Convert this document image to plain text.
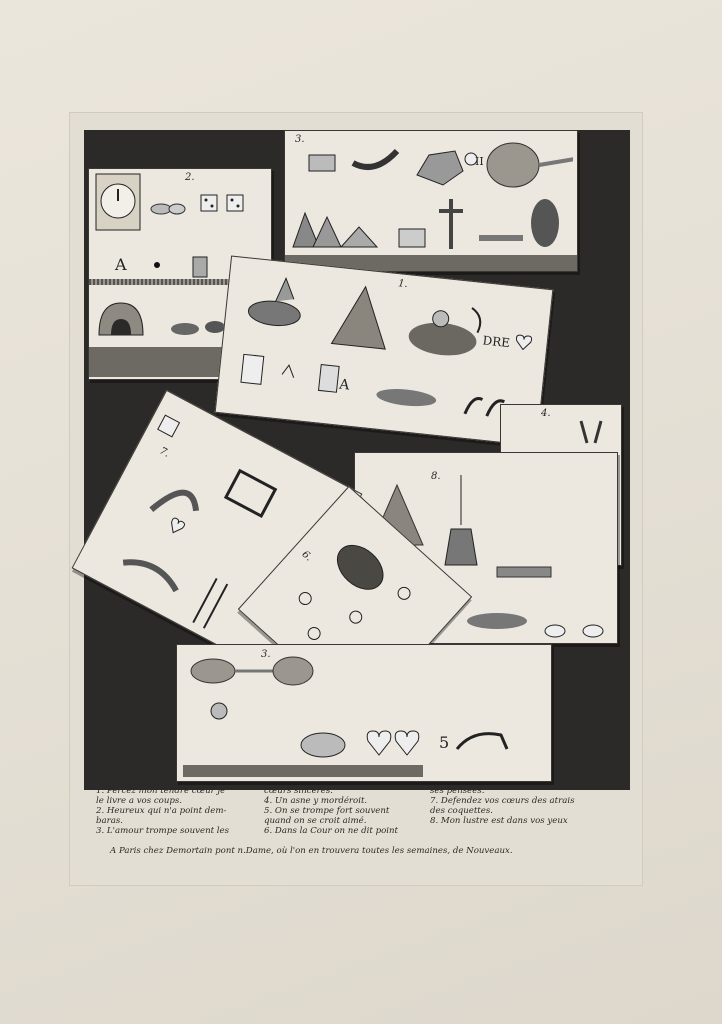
2.
A
3.
II
1.
DRE
A
4.
8.
7.
6.
3.
5
1. Percez mon tendre cœur je
le livre a vos coups.
2. Heureux qui n'a point dem-
baras.
3. L'amour trompe souvent les
cœurs sinceres.
4. Un asne y mordéroit.
5. On se trompe fort souvent
quand on se croit aimé.
6. Dans la Cour on ne dit point
ses pensées.
7. Defendez vos cœurs des atrais
des coquettes.
8. Mon lustre est dans vos yeux
A Paris chez Demortain pont n.Dame, où l'on en trouvera toutes les semaines, de Nouveaux.
